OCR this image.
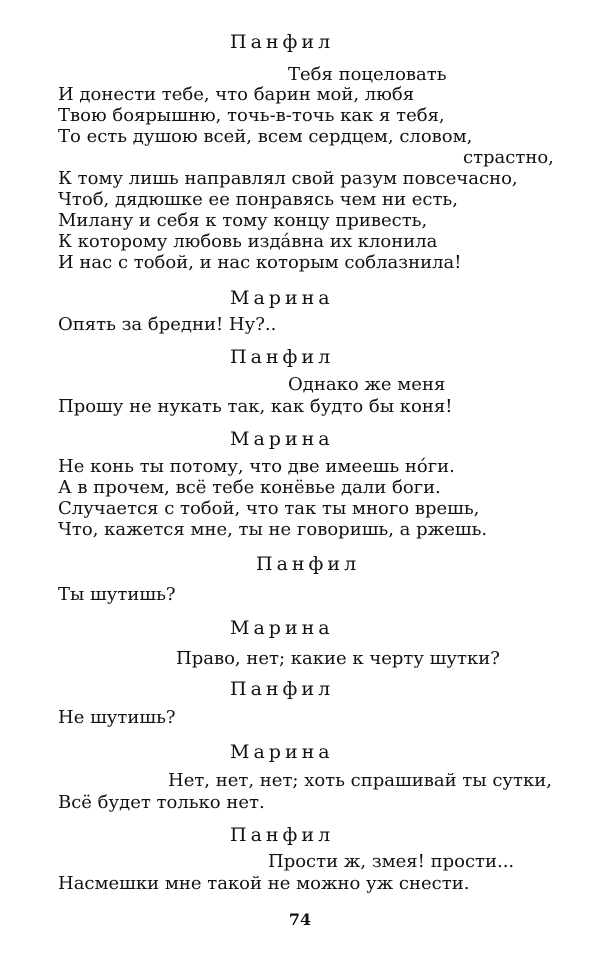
Панфил
Тебя поцеловать
И донести тебе, что барин мой, любя
Твою боярышню, точь-в-точь как я тебя,
То есть душою всей, всем сердцем, словом,
страстно,
К тому лишь направлял свой разум повсечасно,
Чтоб, дядюшке ее понравясь чем ни есть,
Милану и себя к тому концу привесть,
К которому любовь издáвна их клонила
И нас с тобой, и нас которым соблазнила!
Марина
Опять за бредни! Ну?..
Панфил
Однако же меня
Прошу не нукать так, как будто бы коня!
Марина
Не конь ты потому, что две имеешь нóги.
А в прочем, всё тебе конёвье дали боги.
Случается с тобой, что так ты много врешь,
Что, кажется мне, ты не говоришь, а ржешь.
Панфил
Ты шутишь?
Марина
Право, нет; какие к черту шутки?
Панфил
Не шутишь?
Марина
Нет, нет, нет; хоть спрашивай ты сутки,
Всё будет только нет.
Панфил
Прости ж, змея! прости...
Насмешки мне такой не можно уж снести.
74
